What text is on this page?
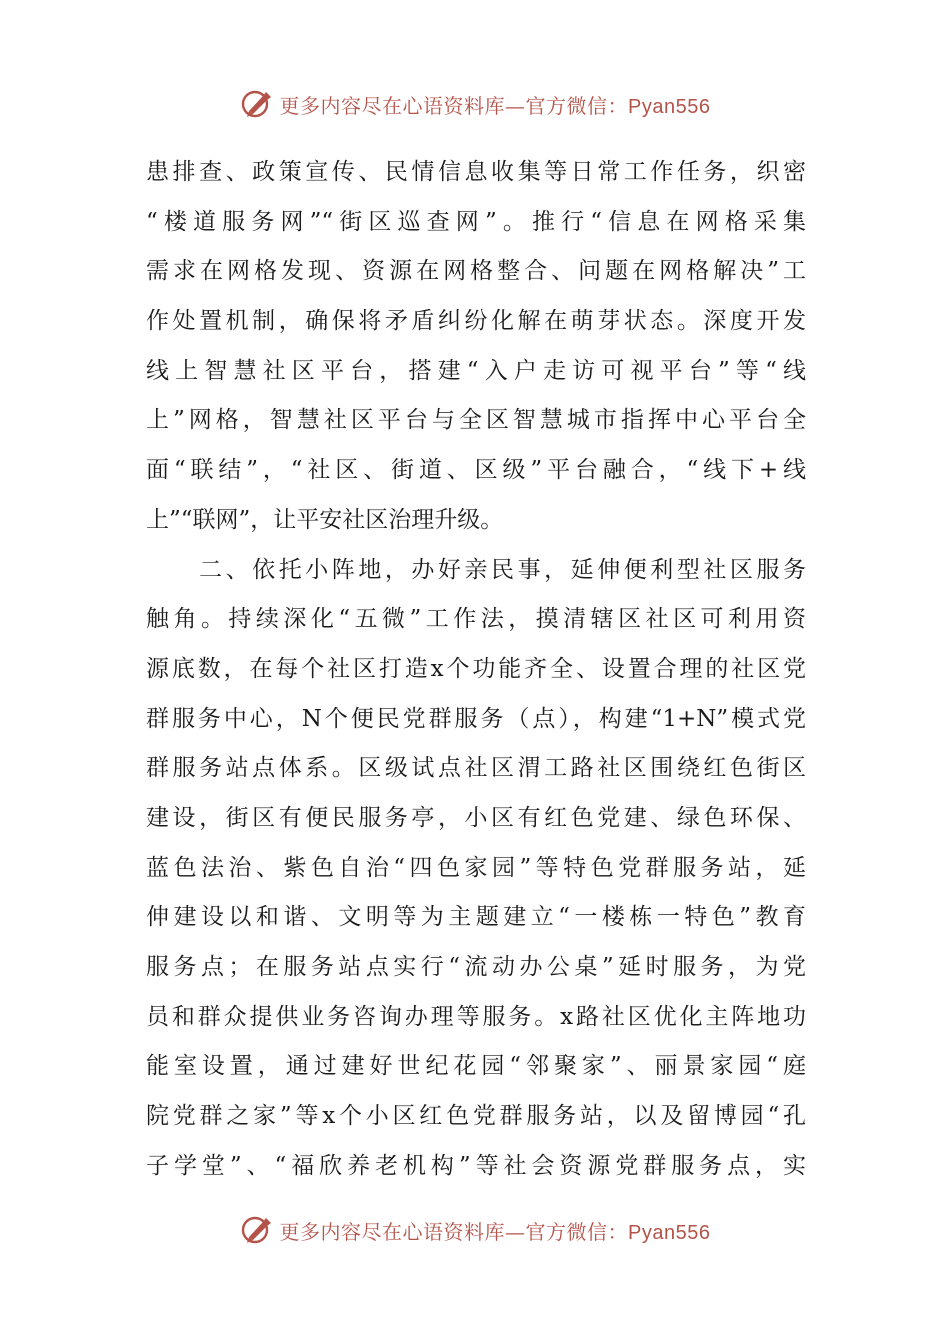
更多内容尽在心语资料库—官方微信：Pyan556
患排查、政策宣传、民情信息收集等日常工作任务，织密
“楼道服务网”“街区巡查网”。推行“信息在网格采集
需求在网格发现、资源在网格整合、问题在网格解决”工
作处置机制，确保将矛盾纠纷化解在萌芽状态。深度开发
线上智慧社区平台，搭建“入户走访可视平台”等“线
上”网格，智慧社区平台与全区智慧城市指挥中心平台全
面“联结”，“社区、街道、区级”平台融合，“线下+线
上”“联网”，让平安社区治理升级。
　　二、依托小阵地，办好亲民事，延伸便利型社区服务
触角。持续深化“五微”工作法，摸清辖区社区可利用资
源底数，在每个社区打造x个功能齐全、设置合理的社区党
群服务中心，N个便民党群服务（点），构建“1+N”模式党
群服务站点体系。区级试点社区渭工路社区围绕红色街区
建设，街区有便民服务亭，小区有红色党建、绿色环保、
蓝色法治、紫色自治“四色家园”等特色党群服务站，延
伸建设以和谐、文明等为主题建立“一楼栋一特色”教育
服务点；在服务站点实行“流动办公桌”延时服务，为党
员和群众提供业务咨询办理等服务。x路社区优化主阵地功
能室设置，通过建好世纪花园“邻聚家”、丽景家园“庭
院党群之家”等x个小区红色党群服务站，以及留博园“孔
子学堂”、“福欣养老机构”等社会资源党群服务点，实
更多内容尽在心语资料库—官方微信：Pyan556
